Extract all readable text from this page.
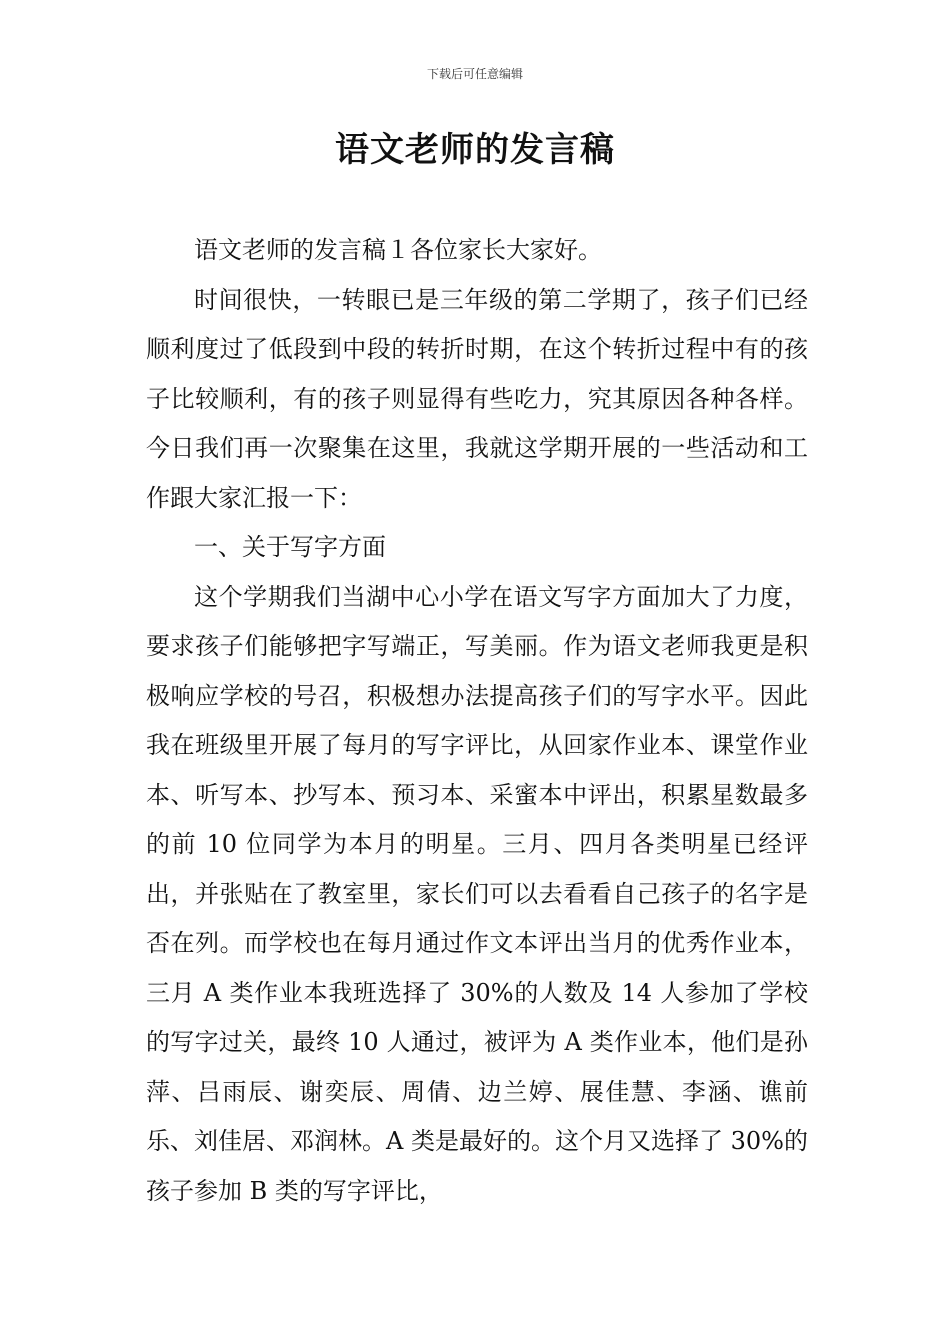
下载后可任意编辑
语文老师的发言稿

语文老师的发言稿１各位家长大家好。

时间很快，一转眼已是三年级的第二学期了，孩子们已经顺利度过了低段到中段的转折时期，在这个转折过程中有的孩子比较顺利，有的孩子则显得有些吃力，究其原因各种各样。今日我们再一次聚集在这里，我就这学期开展的一些活动和工作跟大家汇报一下：

一、关于写字方面

这个学期我们当湖中心小学在语文写字方面加大了力度，要求孩子们能够把字写端正，写美丽。作为语文老师我更是积极响应学校的号召，积极想办法提高孩子们的写字水平。因此我在班级里开展了每月的写字评比，从回家作业本、课堂作业本、听写本、抄写本、预习本、采蜜本中评出，积累星数最多的前 10 位同学为本月的明星。三月、四月各类明星已经评出，并张贴在了教室里，家长们可以去看看自己孩子的名字是否在列。而学校也在每月通过作文本评出当月的优秀作业本，三月 A 类作业本我班选择了 30%的人数及 14 人参加了学校的写字过关，最终 10 人通过，被评为 A 类作业本，他们是孙萍、吕雨辰、谢奕辰、周倩、边兰婷、展佳慧、李涵、谯前乐、刘佳居、邓润林。A 类是最好的。这个月又选择了 30%的孩子参加 B 类的写字评比，
